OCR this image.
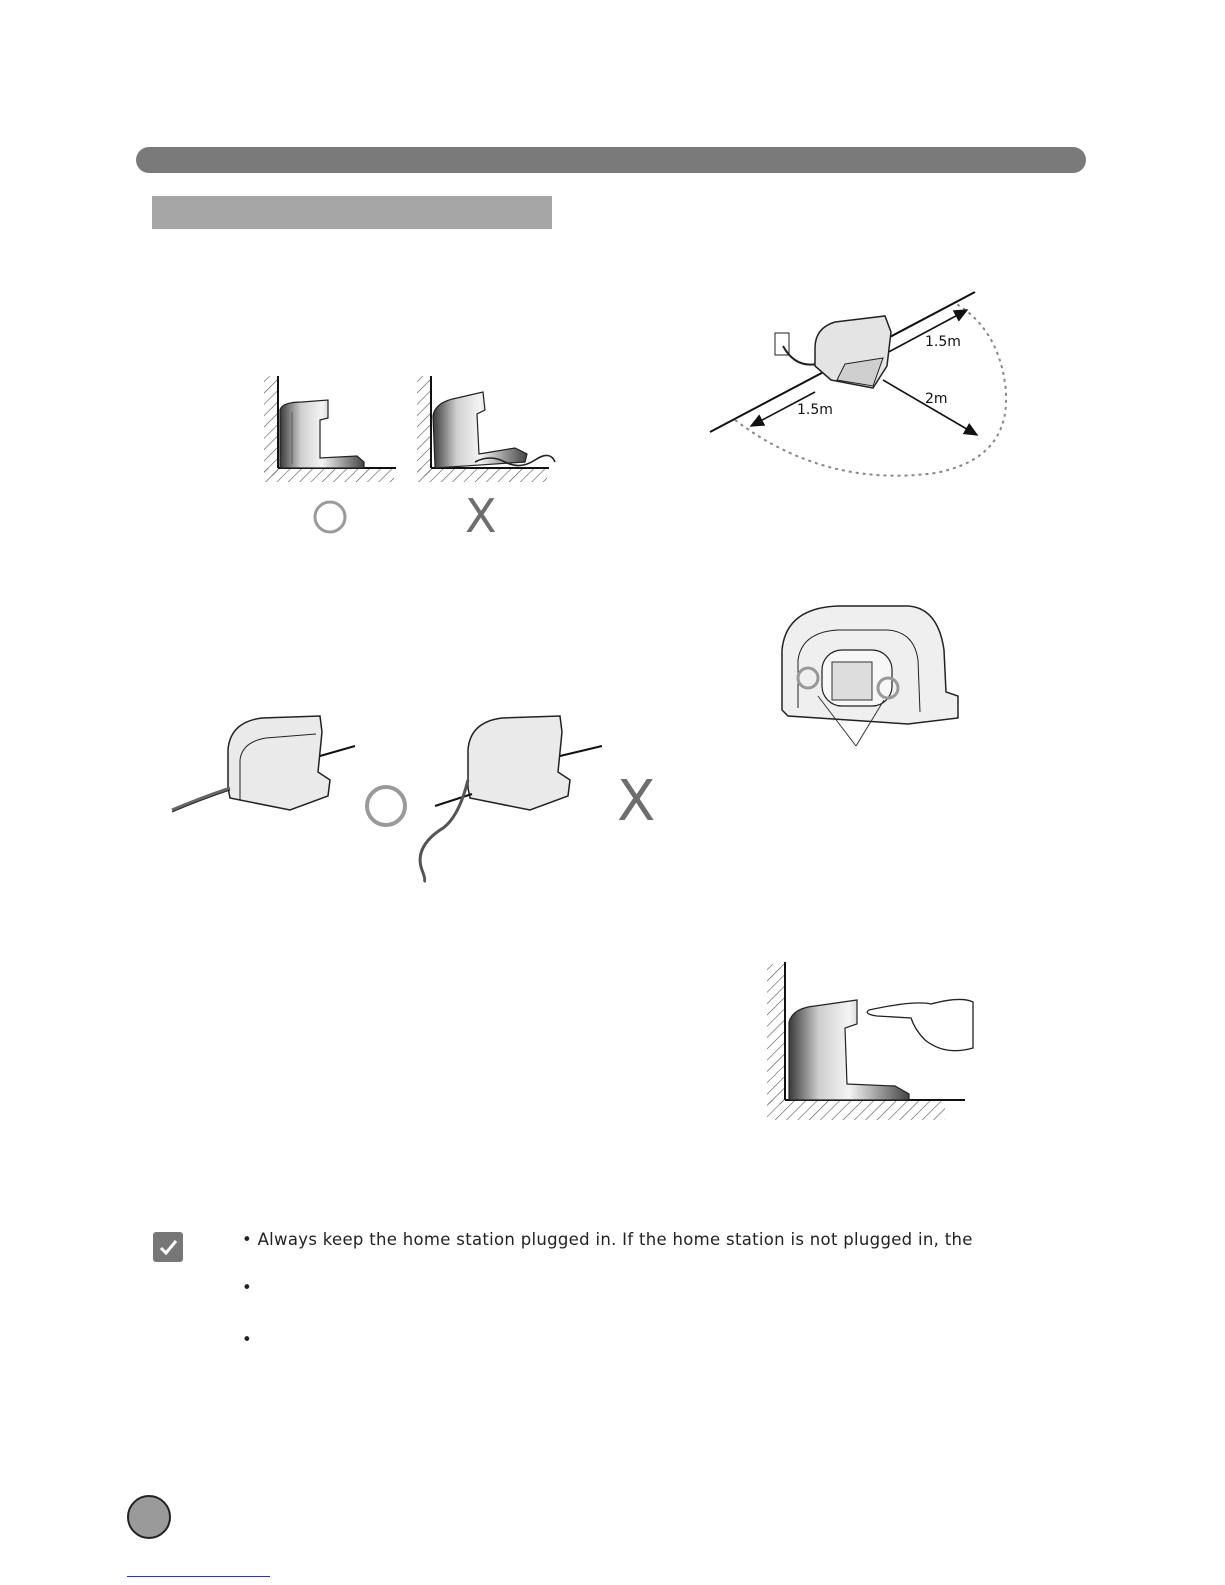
X
1.5m
2m
1.5m
X
• Always keep the home station plugged in. If the home station is not plugged in, the
•
•
